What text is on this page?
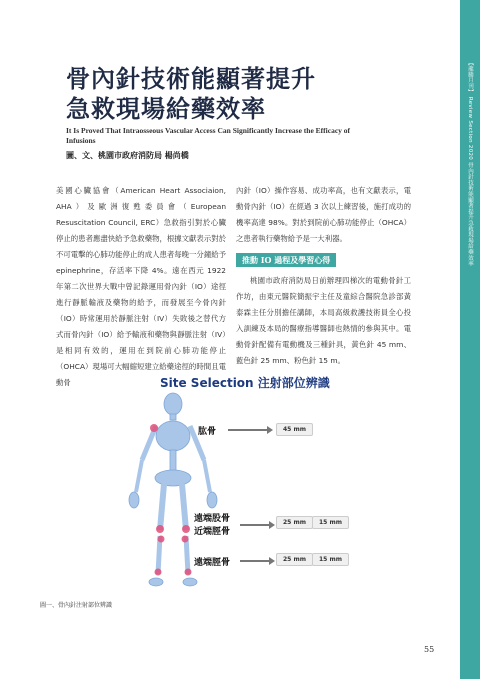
【龍騰月刊】 Review Section 2020 骨內針技術能顯著提升急救現場給藥效率
骨內針技術能顯著提升
急救現場給藥效率
It Is Proved That Intraosseous Vascular Access Can Significantly Increase the Efficacy of Infusions
圖、文、桃園市政府消防局 楊尚橋

美國心臟協會（American Heart Associaion, AHA）及歐洲復甦委員會（European Resuscitation Council, ERC）急救指引對於心臟停止的患者應盡快給予急救藥物，根據文獻表示對於不可電擊的心肺功能停止的成人患者每晚一分鐘給予 epinephrine，存活率下降 4%。遠在西元 1922 年第二次世界大戰中曾記錄運用骨內針（IO）途徑進行靜脈輸液及藥物的給予，而發展至今骨內針（IO）時常運用於靜脈注射（IV）失敗後之替代方式而骨內針（IO）給予輸液和藥物與靜脈注射（IV）是相同有效的，運用在到院前心肺功能停止（OHCA）現場可大幅縮短建立給藥途徑的時間且電動骨

內針（IO）操作容易、成功率高，也有文獻表示，電動骨內針（IO）在經過 3 次以上練習後，施打成功的機率高達 98%。對於到院前心肺功能停止（OHCA）之患者執行藥物給予是一大利器。

推動 IO 過程及學習心得

桃園市政府消防局日前辦理四梯次的電動骨針工作坊，由東元醫院簡振宇主任及童綜合醫院急診部黃泰霖主任分別擔任講師，本局高級救護技術員全心投入訓練及本局的醫療指導醫師也熱情的參與其中。電動骨針配備有電動機及三種針具，黃色針 45 mm、藍色針 25 mm、粉色針 15 m。

Site Selection 注射部位辨識
肱骨	45 mm
遠端股骨
近端脛骨
25 mm	15 mm
遠端脛骨	25 mm	15 mm
圖一、骨內針注射部位辨識
55
